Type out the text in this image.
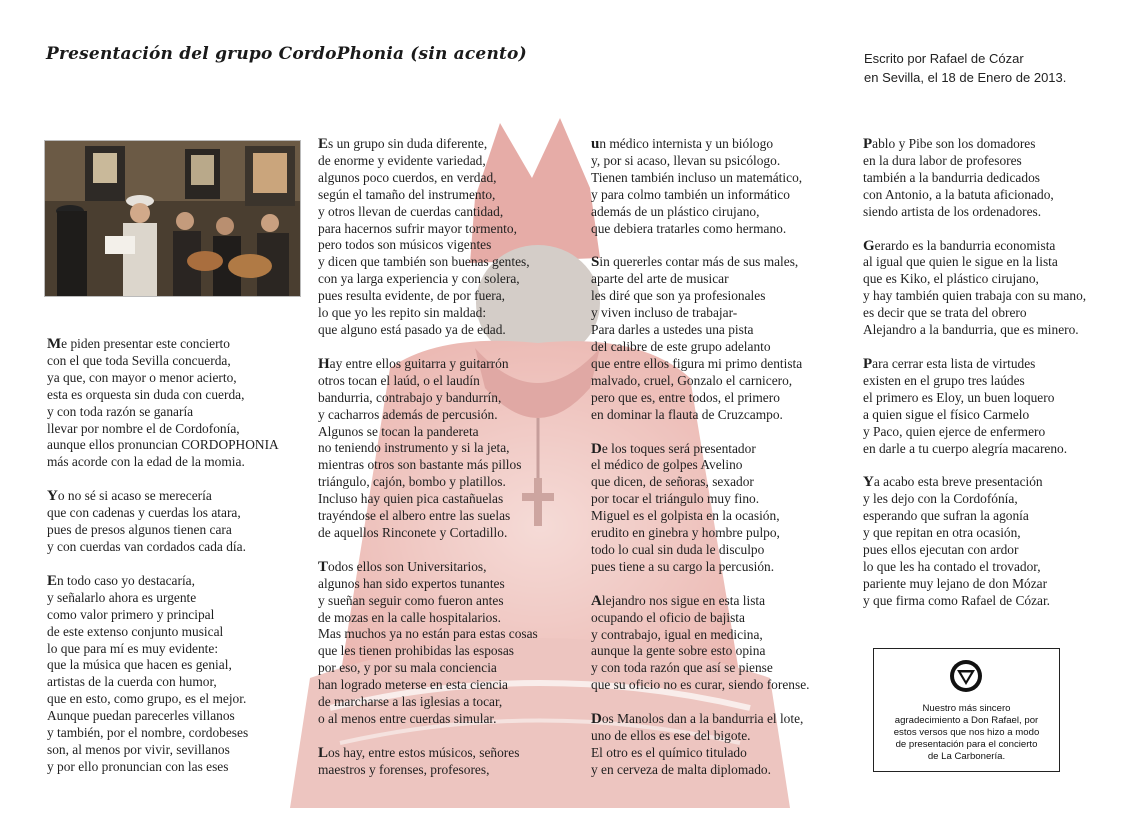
Presentación del grupo CordoPhonia (sin acento)	Escrito por Rafael de Cózar
en Sevilla, el 18 de Enero de 2013.

Me piden presentar este concierto
con el que toda Sevilla concuerda,
ya que, con mayor o menor acierto,
esta es orquesta sin duda con cuerda,
y con toda razón se ganaría
llevar por nombre el de Cordofonía,
aunque ellos pronuncian CORDOPHONIA
más acorde con la edad de la momia.

Yo no sé si acaso se merecería
que con cadenas y cuerdas los atara,
pues de presos algunos tienen cara
y con cuerdas van cordados cada día.

En todo caso yo destacaría,
y señalarlo ahora es urgente
como valor primero y principal
de este extenso conjunto musical
lo que para mí es muy evidente:
que la música que hacen es genial,
artistas de la cuerda con humor,
que en esto, como grupo, es el mejor.
Aunque puedan parecerles villanos
y también, por el nombre, cordobeses
son, al menos por vivir, sevillanos
y por ello pronuncian con las eses

Es un grupo sin duda diferente,
de enorme y evidente variedad,
algunos poco cuerdos, en verdad,
según el tamaño del instrumento,
y otros llevan de cuerdas cantidad,
para hacernos sufrir mayor tormento,
pero todos son músicos vigentes
y dicen que también son buenas gentes,
con ya larga experiencia y con solera,
pues resulta evidente, de por fuera,
lo que yo les repito sin maldad:
que alguno está pasado ya de edad.

Hay entre ellos guitarra y guitarrón
otros tocan el laúd, o el laudín
bandurria, contrabajo y bandurrín,
y cacharros además de percusión.
Algunos se tocan la pandereta
no teniendo instrumento y si la jeta,
mientras otros son bastante más pillos
triángulo, cajón, bombo y platillos.
Incluso hay quien pica castañuelas
trayéndose el albero entre las suelas
de aquellos Rinconete y Cortadillo.

Todos ellos son Universitarios,
algunos han sido expertos tunantes
y sueñan seguir como fueron antes
de mozas en la calle hospitalarios.
Mas muchos ya no están para estas cosas
que les tienen prohibidas las esposas
por eso, y por su mala conciencia
han logrado meterse en esta ciencia
de marcharse a las iglesias a tocar,
o al menos entre cuerdas simular.

Los hay, entre estos músicos, señores
maestros y forenses, profesores,

un médico internista y un biólogo
y, por si acaso, llevan su psicólogo.
Tienen también incluso un matemático,
y para colmo también un informático
además de un plástico cirujano,
que debiera tratarles como hermano.

Sin quererles contar más de sus males,
aparte del arte de musicar
les diré que son ya profesionales
y viven incluso de trabajar-
Para darles a ustedes una pista
del calibre de este grupo adelanto
que entre ellos figura mi primo dentista
malvado, cruel, Gonzalo el carnicero,
pero que es, entre todos, el primero
en dominar la flauta de Cruzcampo.

De los toques será presentador
el médico de golpes Avelino
que dicen, de señoras, sexador
por tocar el triángulo muy fino.
Miguel es el golpista en la ocasión,
erudito en ginebra y hombre pulpo,
todo lo cual sin duda le disculpo
pues tiene a su cargo la percusión.

Alejandro nos sigue en esta lista
ocupando el oficio de bajista
y contrabajo, igual en medicina,
aunque la gente sobre esto opina
y con toda razón que así se piense
que su oficio no es curar, siendo forense.

Dos Manolos dan a la bandurria el lote,
uno de ellos es ese del bigote.
El otro es el químico titulado
y en cerveza de malta diplomado.

Pablo y Pibe son los domadores
en la dura labor de profesores
también a la bandurria dedicados
con Antonio, a la batuta aficionado,
siendo artista de los ordenadores.

Gerardo es la bandurria economista
al igual que quien le sigue en la lista
que es Kiko, el plástico cirujano,
y hay también quien trabaja con su mano,
es decir que se trata del obrero
Alejandro a la bandurria, que es minero.

Para cerrar esta lista de virtudes
existen en el grupo tres laúdes
el primero es Eloy, un buen loquero
a quien sigue el físico Carmelo
y Paco, quien ejerce de enfermero
en darle a tu cuerpo alegría macareno.

Ya acabo esta breve presentación
y les dejo con la Cordofónía,
esperando que sufran la agonía
y que repitan en otra ocasión,
pues ellos ejecutan con ardor
lo que les ha contado el trovador,
pariente muy lejano de don Mózar
y que firma como Rafael de Cózar.

Nuestro más sincero
agradecimiento a Don Rafael, por
estos versos que nos hizo a modo
de presentación para el concierto
de La Carbonería.
